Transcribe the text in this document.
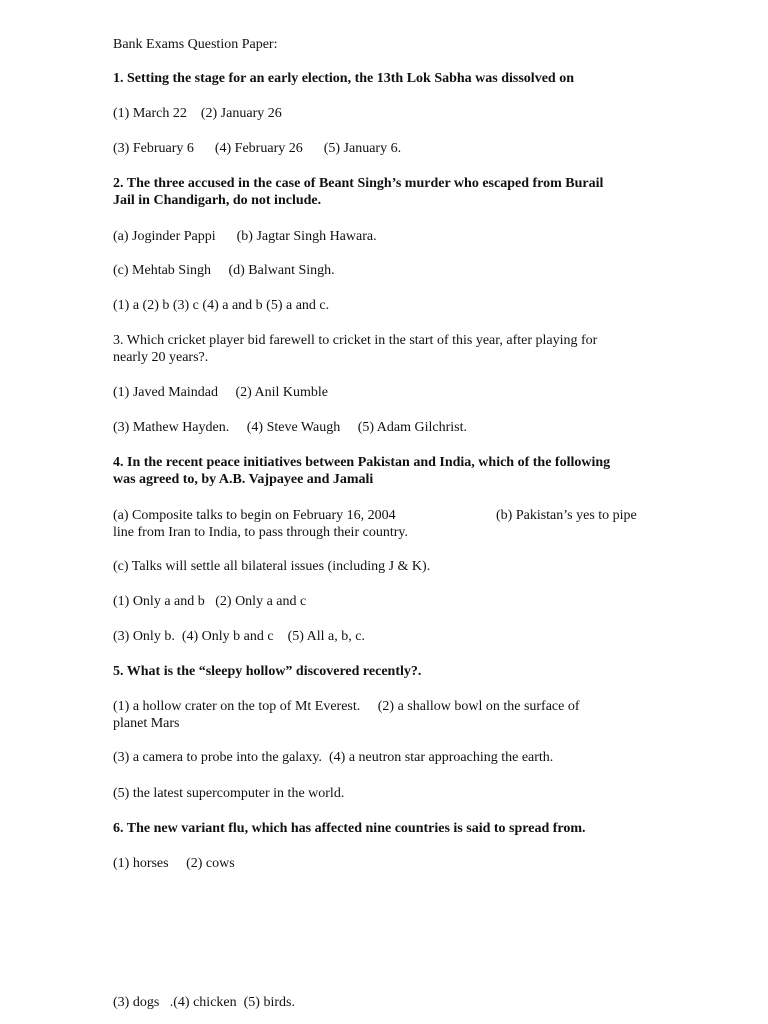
Bank Exams Question Paper:
1. Setting the stage for an early election, the 13th Lok Sabha was dissolved on
(1) March 22    (2) January 26
(3) February 6      (4) February 26      (5) January 6.
2. The three accused in the case of Beant Singh’s murder who escaped from Burail
Jail in Chandigarh, do not include.
(a) Joginder Pappi      (b) Jagtar Singh Hawara.
(c) Mehtab Singh     (d) Balwant Singh.
(1) a (2) b (3) c (4) a and b (5) a and c.
3. Which cricket player bid farewell to cricket in the start of this year, after playing for
nearly 20 years?.
(1) Javed Maindad     (2) Anil Kumble
(3) Mathew Hayden.     (4) Steve Waugh     (5) Adam Gilchrist.
4. In the recent peace initiatives between Pakistan and India, which of the following
was agreed to, by A.B. Vajpayee and Jamali
(a) Composite talks to begin on February 16, 2004	(b) Pakistan’s yes to pipe
line from Iran to India, to pass through their country.
(c) Talks will settle all bilateral issues (including J & K).
(1) Only a and b   (2) Only a and c
(3) Only b.  (4) Only b and c    (5) All a, b, c.
5. What is the “sleepy hollow” discovered recently?.
(1) a hollow crater on the top of Mt Everest.     (2) a shallow bowl on the surface of
planet Mars
(3) a camera to probe into the galaxy.  (4) a neutron star approaching the earth.
(5) the latest supercomputer in the world.
6. The new variant flu, which has affected nine countries is said to spread from.
(1) horses     (2) cows
(3) dogs   .(4) chicken  (5) birds.
